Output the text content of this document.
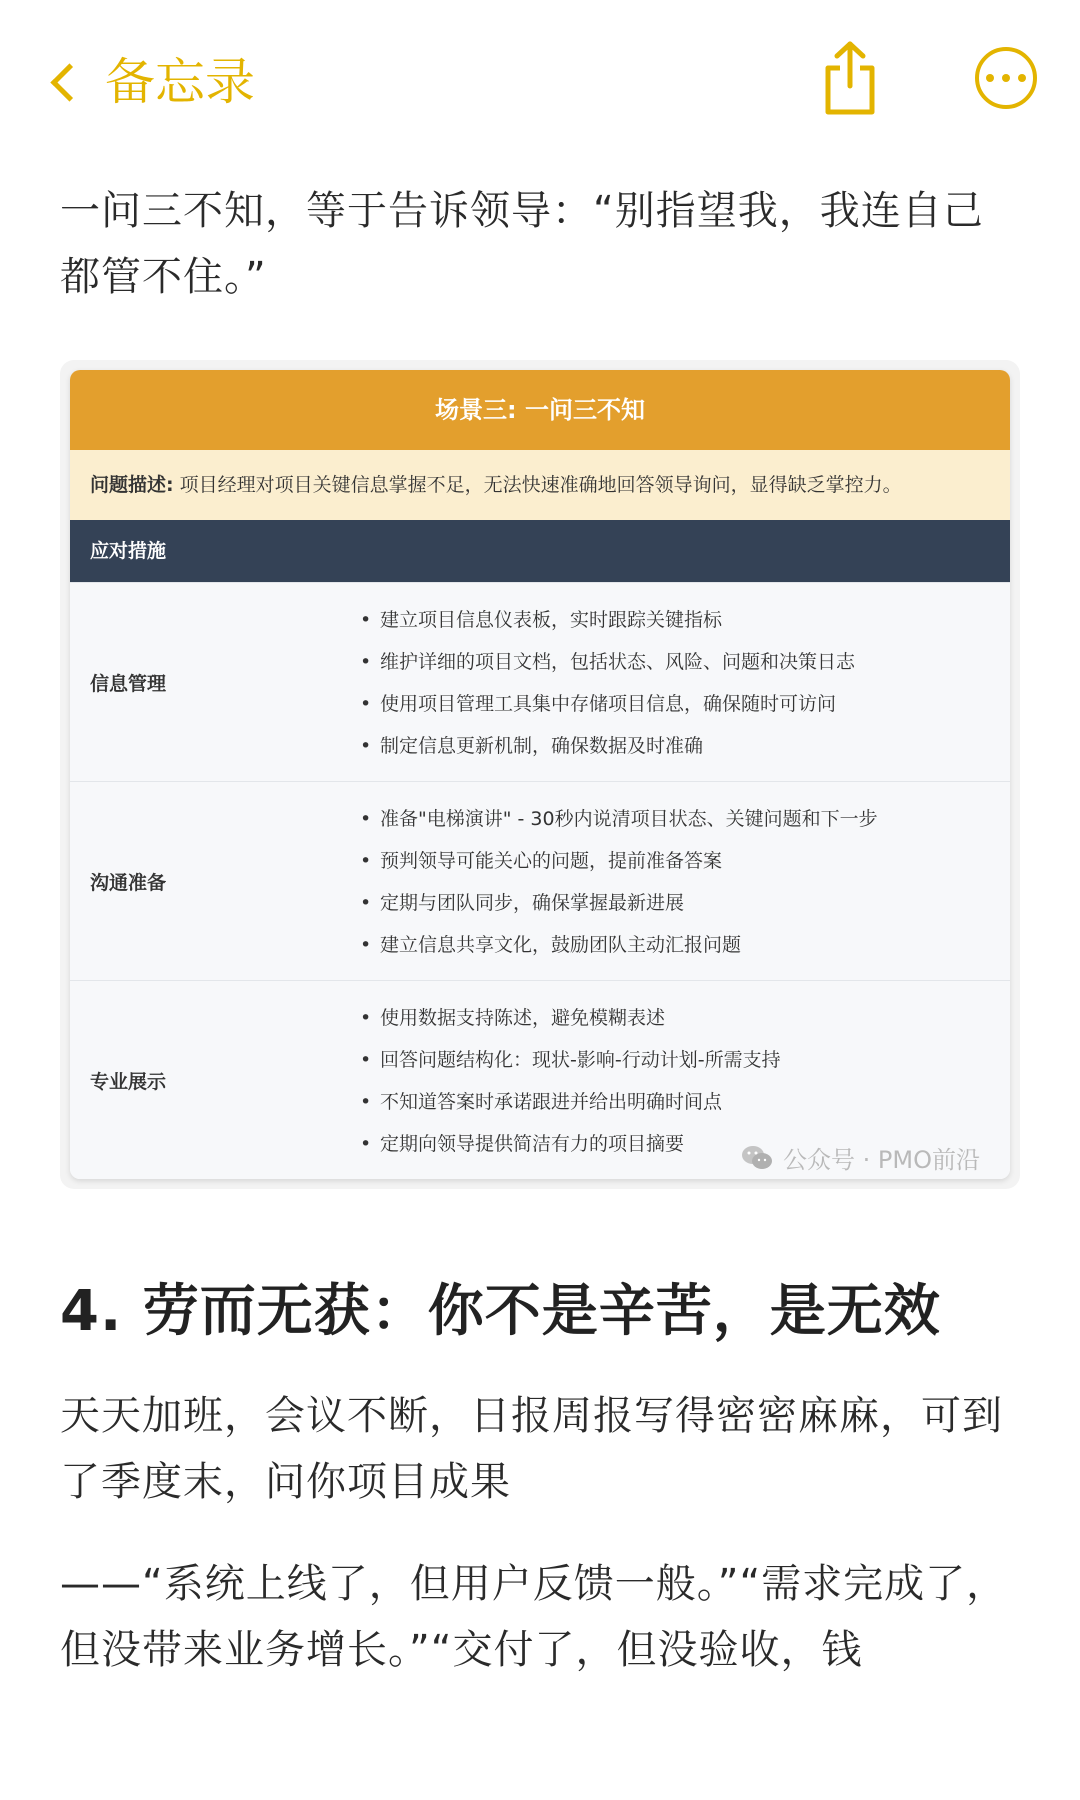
备忘录

一问三不知，等于告诉领导：“别指望我，我连自己都管不住。”

场景三: 一问三不知
问题描述: 项目经理对项目关键信息掌握不足，无法快速准确地回答领导询问，显得缺乏掌控力。
应对措施
信息管理
• 建立项目信息仪表板，实时跟踪关键指标
• 维护详细的项目文档，包括状态、风险、问题和决策日志
• 使用项目管理工具集中存储项目信息，确保随时可访问
• 制定信息更新机制，确保数据及时准确
沟通准备
• 准备"电梯演讲" - 30秒内说清项目状态、关键问题和下一步
• 预判领导可能关心的问题，提前准备答案
• 定期与团队同步，确保掌握最新进展
• 建立信息共享文化，鼓励团队主动汇报问题
专业展示
• 使用数据支持陈述，避免模糊表述
• 回答问题结构化：现状-影响-行动计划-所需支持
• 不知道答案时承诺跟进并给出明确时间点
• 定期向领导提供简洁有力的项目摘要
公众号 · PMO前沿
4. 劳而无获：你不是辛苦，是无效

天天加班，会议不断，日报周报写得密密麻麻，可到了季度末，问你项目成果

——“系统上线了，但用户反馈一般。”“需求完成了，但没带来业务增长。”“交付了，但没验收，钱
